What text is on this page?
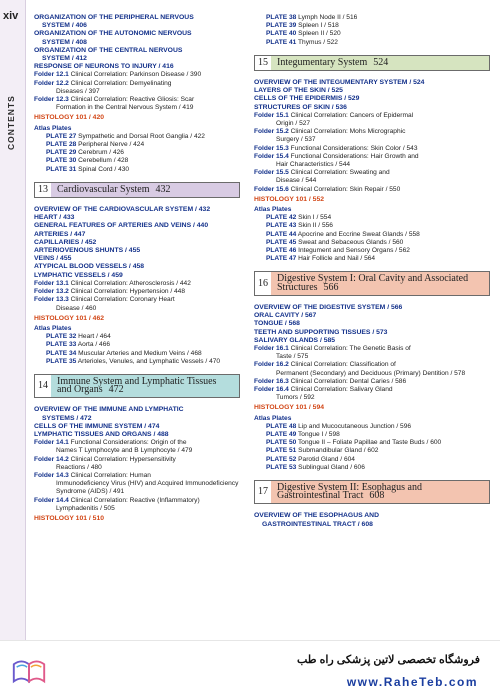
xiv
CONTENTS
ORGANIZATION OF THE PERIPHERAL NERVOUS
SYSTEM / 406
ORGANIZATION OF THE AUTONOMIC NERVOUS
SYSTEM / 408
ORGANIZATION OF THE CENTRAL NERVOUS
SYSTEM / 412
RESPONSE OF NEURONS TO INJURY / 416
Folder 12.1 Clinical Correlation: Parkinson Disease / 390
Folder 12.2 Clinical Correlation: Demyelinating
Diseases / 397
Folder 12.3 Clinical Correlation: Reactive Gliosis: Scar
Formation in the Central Nervous System / 419
HISTOLOGY 101 / 420
Atlas Plates
PLATE 27 Sympathetic and Dorsal Root Ganglia / 422
PLATE 28 Peripheral Nerve / 424
PLATE 29 Cerebrum / 426
PLATE 30 Cerebellum / 428
PLATE 31 Spinal Cord / 430
13 Cardiovascular System 432
OVERVIEW OF THE CARDIOVASCULAR SYSTEM / 432
HEART / 433
GENERAL FEATURES OF ARTERIES AND VEINS / 440
ARTERIES / 447
CAPILLARIES / 452
ARTERIOVENOUS SHUNTS / 455
VEINS / 455
ATYPICAL BLOOD VESSELS / 458
LYMPHATIC VESSELS / 459
Folder 13.1 Clinical Correlation: Atherosclerosis / 442
Folder 13.2 Clinical Correlation: Hypertension / 448
Folder 13.3 Clinical Correlation: Coronary Heart
Disease / 460
HISTOLOGY 101 / 462
Atlas Plates
PLATE 32 Heart / 464
PLATE 33 Aorta / 466
PLATE 34 Muscular Arteries and Medium Veins / 468
PLATE 35 Arterioles, Venules, and Lymphatic Vessels / 470
14 Immune System and Lymphatic Tissues and Organs 472
OVERVIEW OF THE IMMUNE AND LYMPHATIC
SYSTEMS / 472
CELLS OF THE IMMUNE SYSTEM / 474
LYMPHATIC TISSUES AND ORGANS / 488
Folder 14.1 Functional Considerations: Origin of the
Names T Lymphocyte and B Lymphocyte / 479
Folder 14.2 Clinical Correlation: Hypersensitivity
Reactions / 480
Folder 14.3 Clinical Correlation: Human
Immunodeficiency Virus (HIV) and Acquired Immunodeficiency Syndrome (AIDS) / 491
Folder 14.4 Clinical Correlation: Reactive (Inflammatory)
Lymphadenitis / 505
HISTOLOGY 101 / 510
PLATE 38 Lymph Node II / 516
PLATE 39 Spleen I / 518
PLATE 40 Spleen II / 520
PLATE 41 Thymus / 522
15 Integumentary System 524
OVERVIEW OF THE INTEGUMENTARY SYSTEM / 524
LAYERS OF THE SKIN / 525
CELLS OF THE EPIDERMIS / 529
STRUCTURES OF SKIN / 536
Folder 15.1 Clinical Correlation: Cancers of Epidermal
Origin / 527
Folder 15.2 Clinical Correlation: Mohs Micrographic
Surgery / 537
Folder 15.3 Functional Considerations: Skin Color / 543
Folder 15.4 Functional Considerations: Hair Growth and
Hair Characteristics / 544
Folder 15.5 Clinical Correlation: Sweating and
Disease / 544
Folder 15.6 Clinical Correlation: Skin Repair / 550
HISTOLOGY 101 / 552
Atlas Plates
PLATE 42 Skin I / 554
PLATE 43 Skin II / 556
PLATE 44 Apocrine and Eccrine Sweat Glands / 558
PLATE 45 Sweat and Sebaceous Glands / 560
PLATE 46 Integument and Sensory Organs / 562
PLATE 47 Hair Follicle and Nail / 564
16 Digestive System I: Oral Cavity and Associated Structures 566
OVERVIEW OF THE DIGESTIVE SYSTEM / 566
ORAL CAVITY / 567
TONGUE / 568
TEETH AND SUPPORTING TISSUES / 573
SALIVARY GLANDS / 585
Folder 16.1 Clinical Correlation: The Genetic Basis of
Taste / 575
Folder 16.2 Clinical Correlation: Classification of
Permanent (Secondary) and Deciduous (Primary) Dentition / 578
Folder 16.3 Clinical Correlation: Dental Caries / 586
Folder 16.4 Clinical Correlation: Salivary Gland
Tumors / 592
HISTOLOGY 101 / 594
Atlas Plates
PLATE 48 Lip and Mucocutaneous Junction / 596
PLATE 49 Tongue I / 598
PLATE 50 Tongue II – Foliate Papillae and Taste Buds / 600
PLATE 51 Submandibular Gland / 602
PLATE 52 Parotid Gland / 604
PLATE 53 Sublingual Gland / 606
17 Digestive System II: Esophagus and Gastrointestinal Tract 608
OVERVIEW OF THE ESOPHAGUS AND
GASTROINTESTINAL TRACT / 608
فروشگاه تخصصی لاتین پزشکی راه طب
www.RaheTeb.com
